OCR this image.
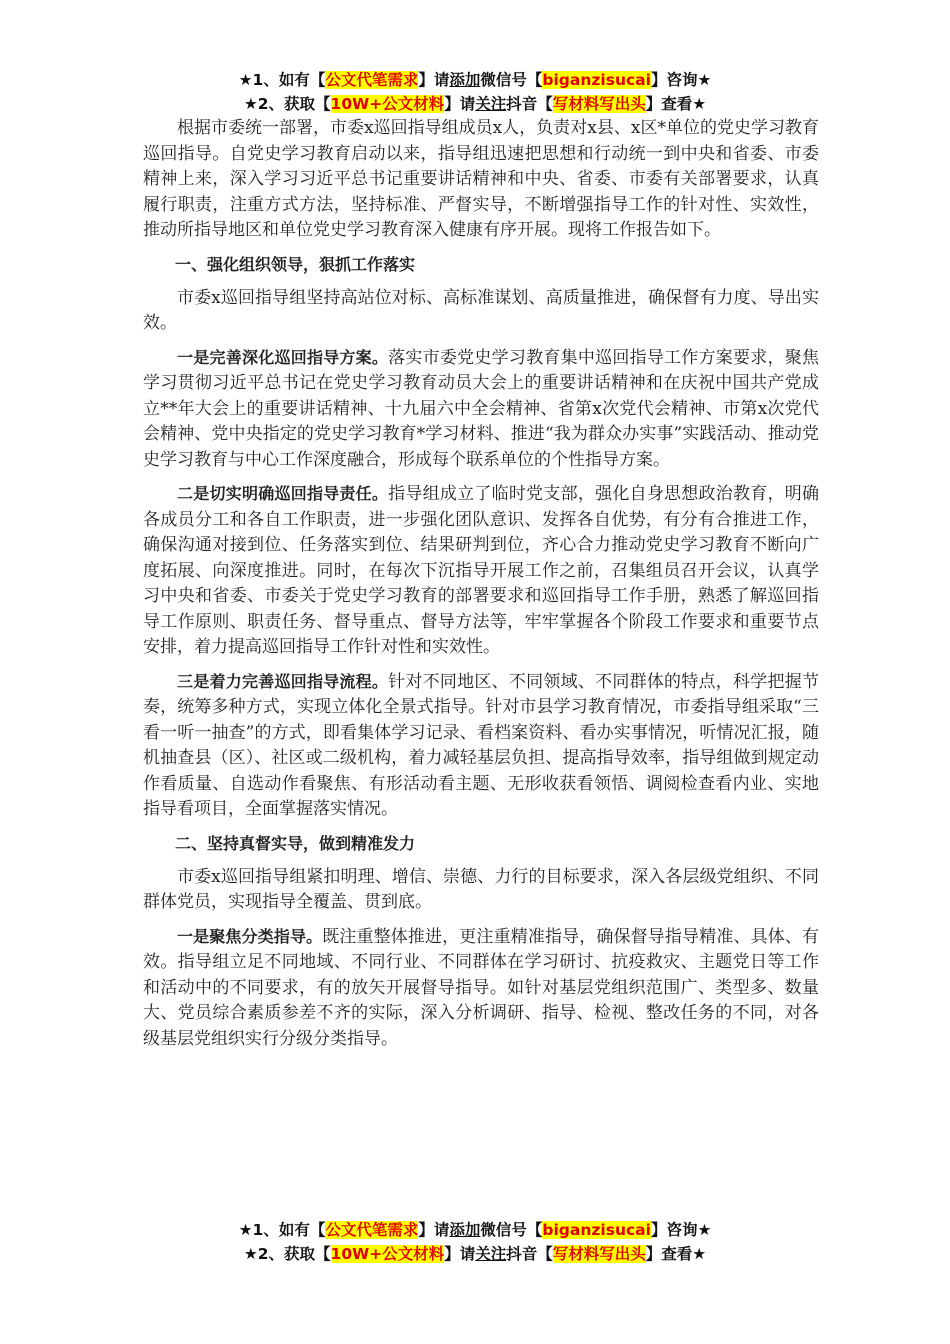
★1、如有【公文代笔需求】请添加微信号【biganzisucai】咨询★
★2、获取【10W+公文材料】请关注抖音【写材料写出头】查看★

根据市委统一部署，市委x巡回指导组成员x人，负责对x县、x区*单位的党史学习教育巡回指导。自党史学习教育启动以来，指导组迅速把思想和行动统一到中央和省委、市委精神上来，深入学习习近平总书记重要讲话精神和中央、省委、市委有关部署要求，认真履行职责，注重方式方法，坚持标准、严督实导，不断增强指导工作的针对性、实效性，推动所指导地区和单位党史学习教育深入健康有序开展。现将工作报告如下。

一、强化组织领导，狠抓工作落实

市委x巡回指导组坚持高站位对标、高标准谋划、高质量推进，确保督有力度、导出实效。

一是完善深化巡回指导方案。落实市委党史学习教育集中巡回指导工作方案要求，聚焦学习贯彻习近平总书记在党史学习教育动员大会上的重要讲话精神和在庆祝中国共产党成立**年大会上的重要讲话精神、十九届六中全会精神、省第x次党代会精神、市第x次党代会精神、党中央指定的党史学习教育*学习材料、推进“我为群众办实事”实践活动、推动党史学习教育与中心工作深度融合，形成每个联系单位的个性指导方案。

二是切实明确巡回指导责任。指导组成立了临时党支部，强化自身思想政治教育，明确各成员分工和各自工作职责，进一步强化团队意识、发挥各自优势，有分有合推进工作，确保沟通对接到位、任务落实到位、结果研判到位，齐心合力推动党史学习教育不断向广度拓展、向深度推进。同时，在每次下沉指导开展工作之前，召集组员召开会议，认真学习中央和省委、市委关于党史学习教育的部署要求和巡回指导工作手册，熟悉了解巡回指导工作原则、职责任务、督导重点、督导方法等，牢牢掌握各个阶段工作要求和重要节点安排，着力提高巡回指导工作针对性和实效性。

三是着力完善巡回指导流程。针对不同地区、不同领域、不同群体的特点，科学把握节奏，统筹多种方式，实现立体化全景式指导。针对市县学习教育情况，市委指导组采取“三看一听一抽查”的方式，即看集体学习记录、看档案资料、看办实事情况，听情况汇报，随机抽查县（区）、社区或二级机构，着力减轻基层负担、提高指导效率，指导组做到规定动作看质量、自选动作看聚焦、有形活动看主题、无形收获看领悟、调阅检查看内业、实地指导看项目，全面掌握落实情况。

二、坚持真督实导，做到精准发力

市委x巡回指导组紧扣明理、增信、崇德、力行的目标要求，深入各层级党组织、不同群体党员，实现指导全覆盖、贯到底。

一是聚焦分类指导。既注重整体推进，更注重精准指导，确保督导指导精准、具体、有效。指导组立足不同地域、不同行业、不同群体在学习研讨、抗疫救灾、主题党日等工作和活动中的不同要求，有的放矢开展督导指导。如针对基层党组织范围广、类型多、数量大、党员综合素质参差不齐的实际，深入分析调研、指导、检视、整改任务的不同，对各级基层党组织实行分级分类指导。

★1、如有【公文代笔需求】请添加微信号【biganzisucai】咨询★
★2、获取【10W+公文材料】请关注抖音【写材料写出头】查看★
